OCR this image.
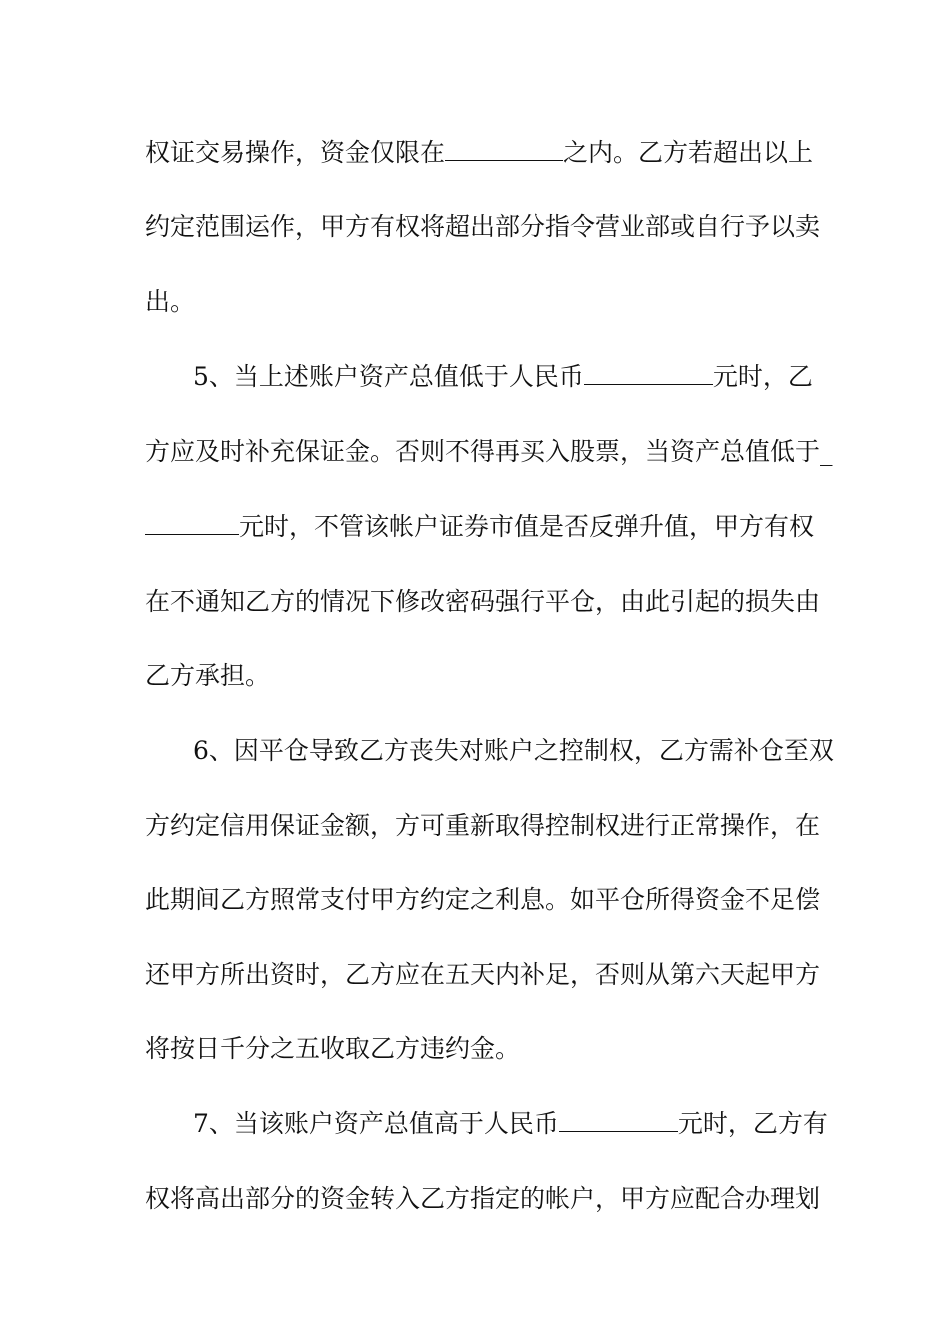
权证交易操作，资金仅限在	之内。乙方若超出以上
约定范围运作，甲方有权将超出部分指令营业部或自行予以卖
出。
5、当上述账户资产总值低于人民币	元时，乙
方应及时补充保证金。否则不得再买入股票，当资产总值低于_
元时，不管该帐户证券市值是否反弹升值，甲方有权
在不通知乙方的情况下修改密码强行平仓，由此引起的损失由
乙方承担。
6、因平仓导致乙方丧失对账户之控制权，乙方需补仓至双
方约定信用保证金额，方可重新取得控制权进行正常操作，在
此期间乙方照常支付甲方约定之利息。如平仓所得资金不足偿
还甲方所出资时，乙方应在五天内补足，否则从第六天起甲方
将按日千分之五收取乙方违约金。
7、当该账户资产总值高于人民币	元时，乙方有
权将高出部分的资金转入乙方指定的帐户，甲方应配合办理划
